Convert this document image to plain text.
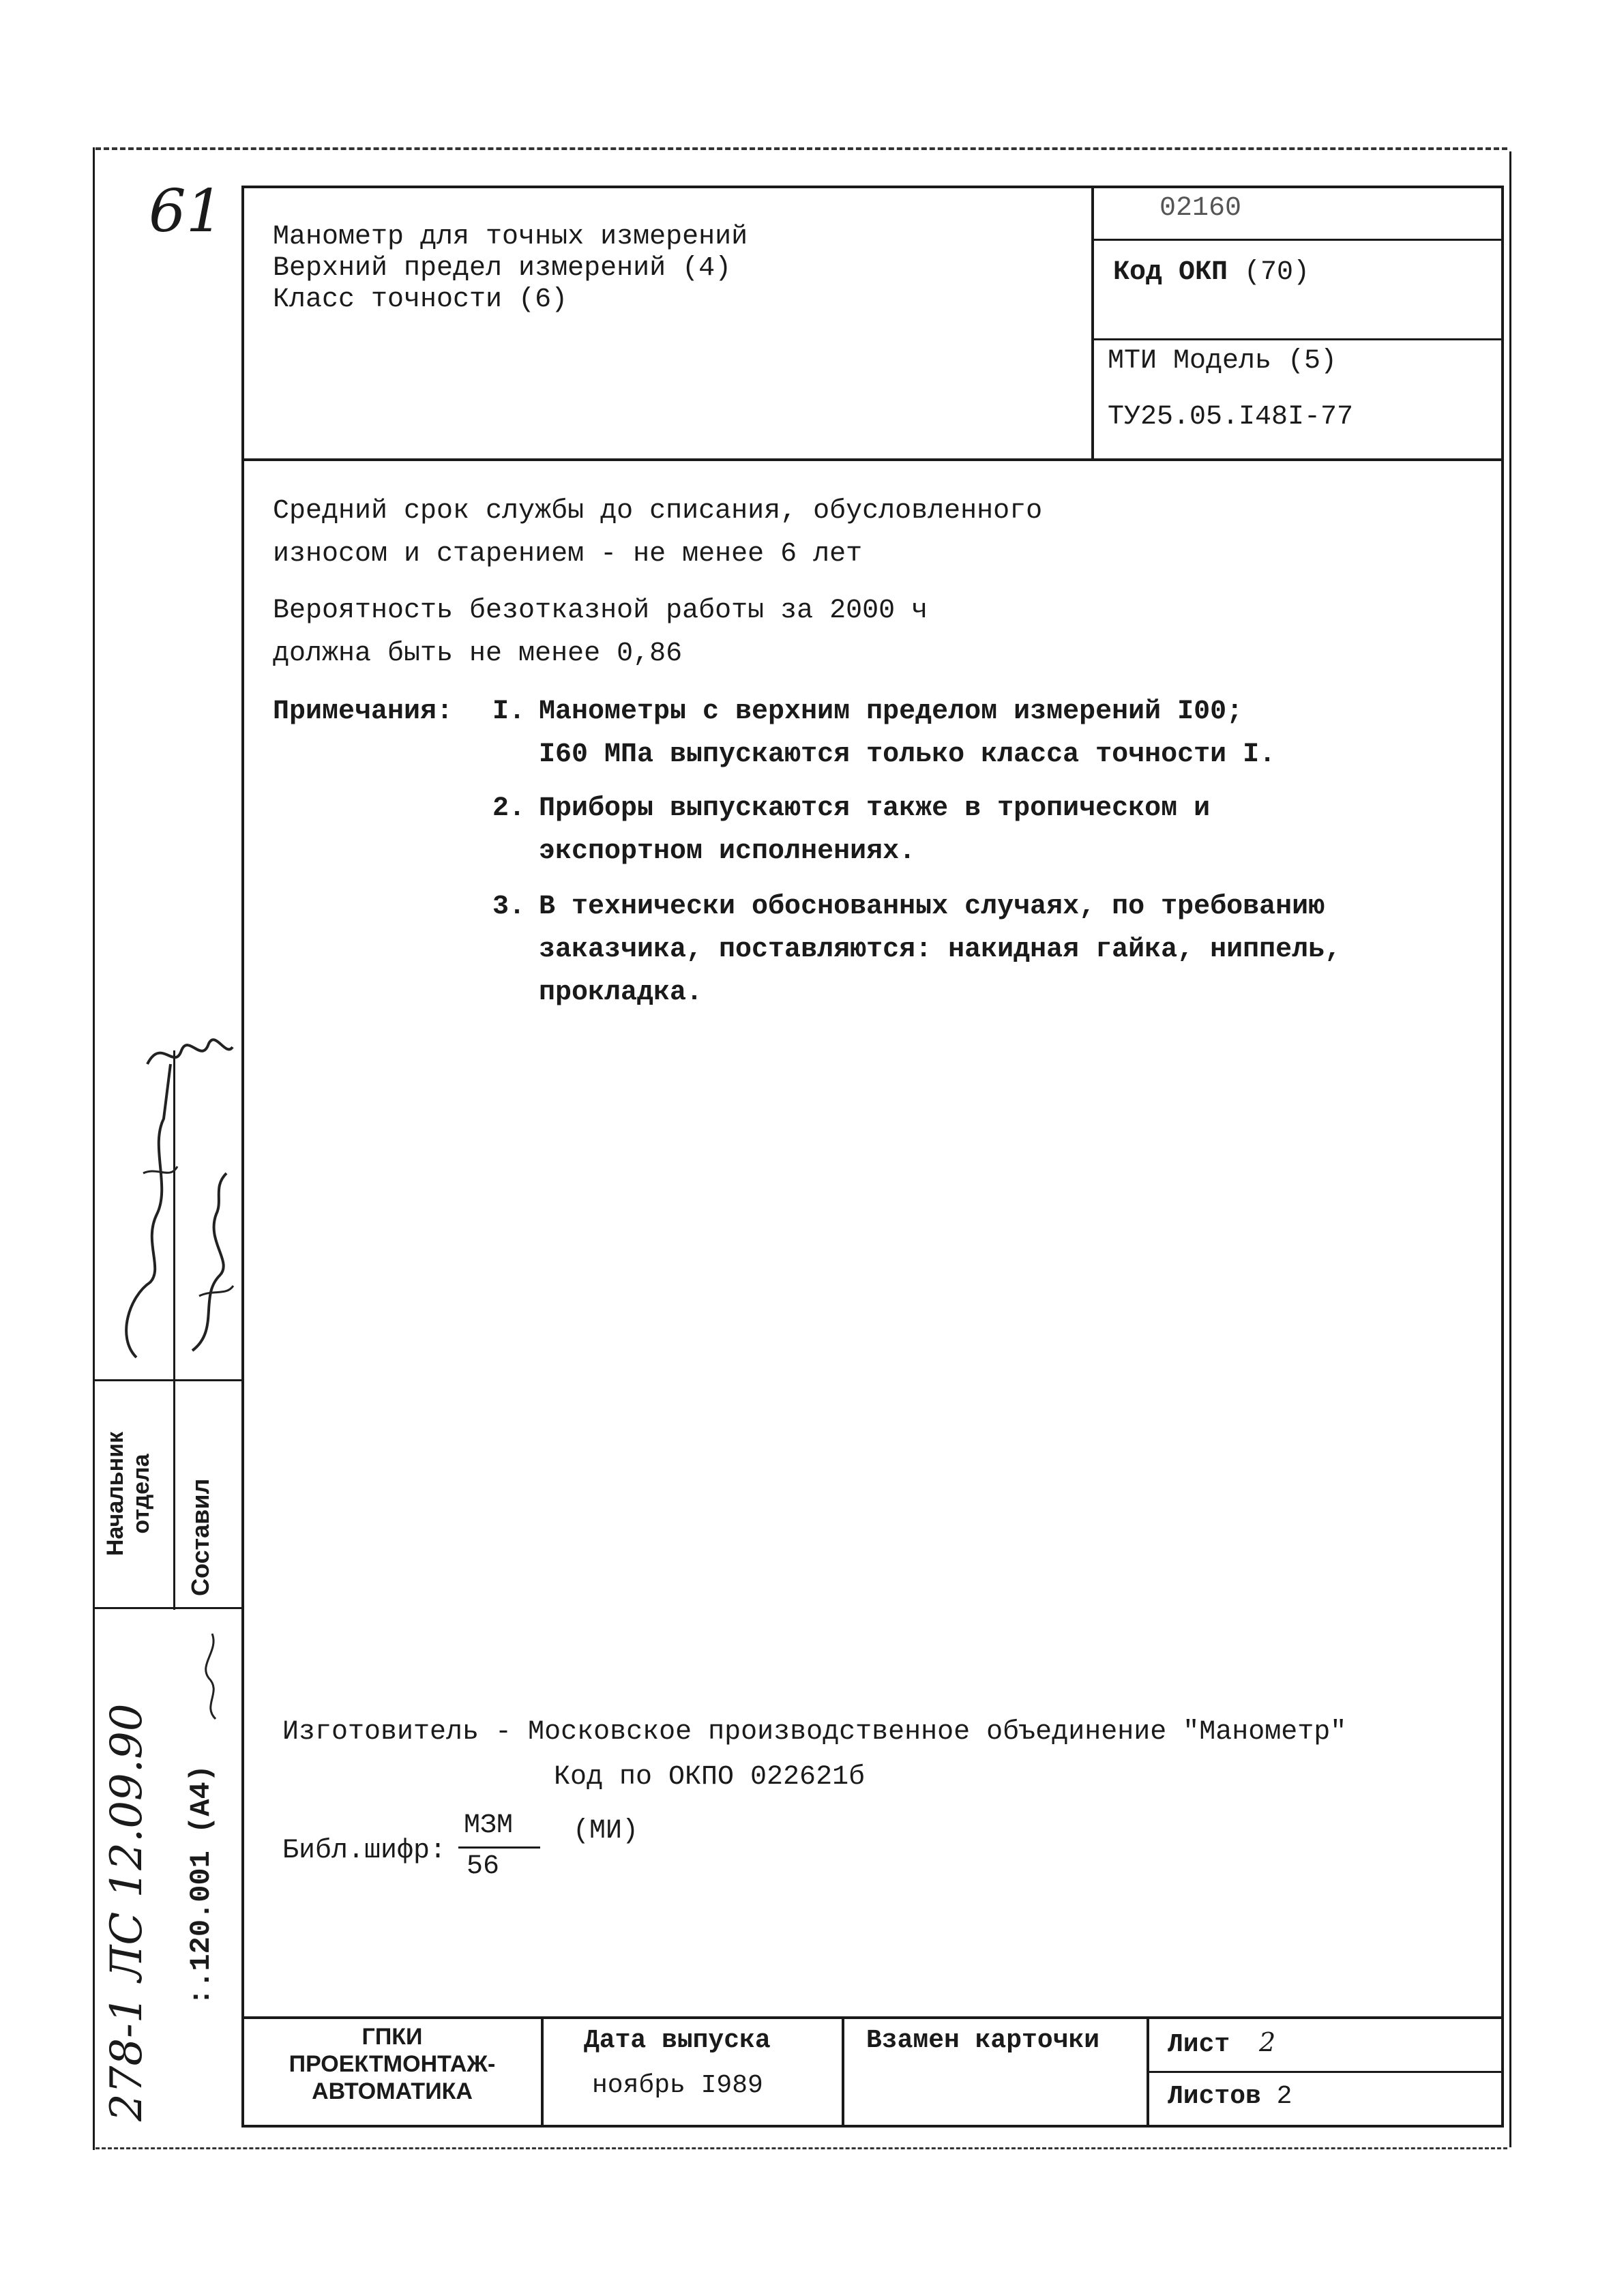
61 Манометр для точных измерений
Верхний предел измерений (4)
Класс точности (6)
02160
Код ОКП (70)
МТИ Модель (5)
ТУ25.05.I48I-77
Средний срок службы до списания, обусловленного
износом и старением - не менее 6 лет
Вероятность безотказной работы за 2000 ч
должна быть не менее 0,86
Примечания: I. Манометры с верхним пределом измерений I00;
I60 МПа выпускаются только класса точности I.
2. Приборы выпускаются также в тропическом и
экспортном исполнениях.
3. В технически обоснованных случаях, по требованию
заказчика, поставляются: накидная гайка, ниппель,
прокладка.
Изготовитель - Московское производственное объединение "Манометр"
Код по ОКПО 022621б
Библ.шифр:
МЗМ
56
(МИ)
ГПКИ
ПРОЕКТМОНТАЖ-
АВТОМАТИКА
Дата выпуска
ноябрь I989
Взамен карточки	Лист 2
Листов 2
Начальник отдела Составил
:.120.001 (А4)
278-1 ЛС 12.09.90
